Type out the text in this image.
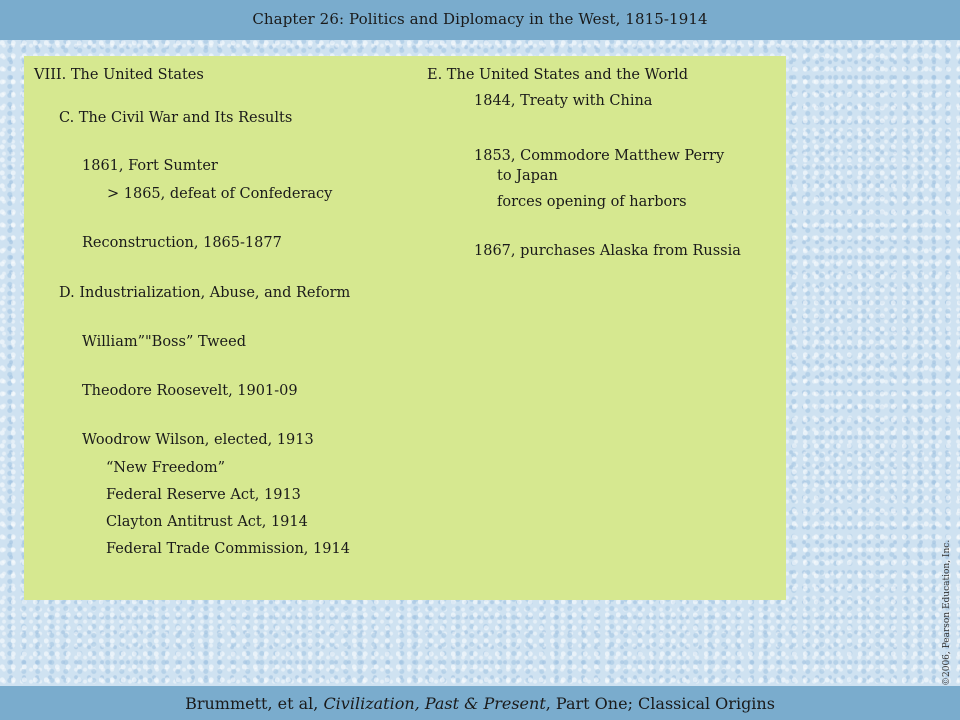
Chapter 26: Politics and Diplomacy in the West, 1815-1914
VIII. The United States
C. The Civil War and Its Results
1861, Fort Sumter
> 1865, defeat of Confederacy
Reconstruction, 1865-1877
D. Industrialization, Abuse, and Reform
William”"Boss” Tweed
Theodore Roosevelt, 1901-09
Woodrow Wilson, elected, 1913
“New Freedom”
Federal Reserve Act, 1913
Clayton Antitrust Act, 1914
Federal Trade Commission, 1914
E. The United States and the World
1844, Treaty with China
1853, Commodore Matthew Perry
to Japan
forces opening of harbors
1867, purchases Alaska from Russia
©2006, Pearson Education, Inc.
Brummett, et al, Civilization, Past & Present, Part One; Classical Origins
